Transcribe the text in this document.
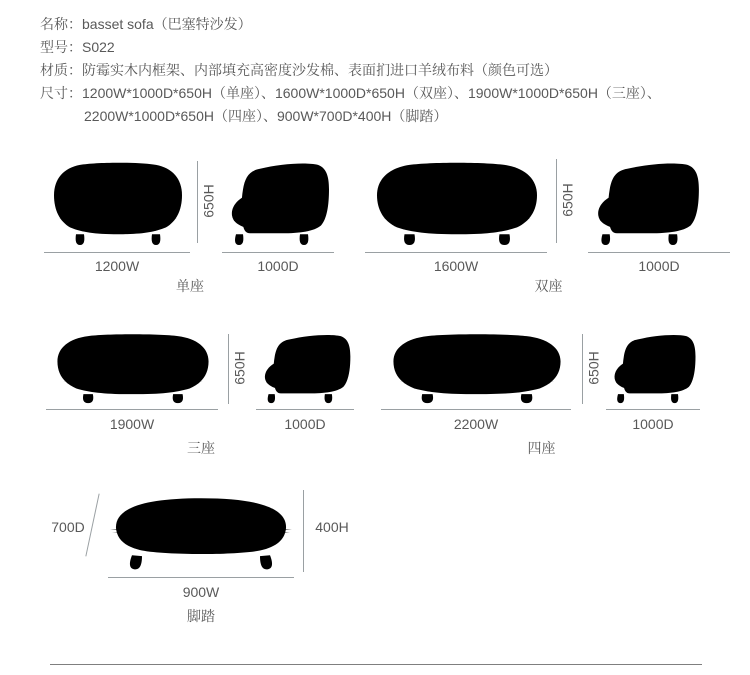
名称：basset sofa（巴塞特沙发）
型号：S022
材质：防霉实木内框架、内部填充高密度沙发棉、表面扪进口羊绒布料（颜色可选）
尺寸：1200W*1000D*650H（单座）、1600W*1000D*650H（双座）、1900W*1000D*650H（三座）、
2200W*1000D*650H（四座）、900W*700D*400H（脚踏）
1200W
650H
1000D
单座
1600W
650H
1000D
双座
1900W
650H
1000D
三座
2200W
650H
1000D
四座
700D	400H
900W
脚踏
